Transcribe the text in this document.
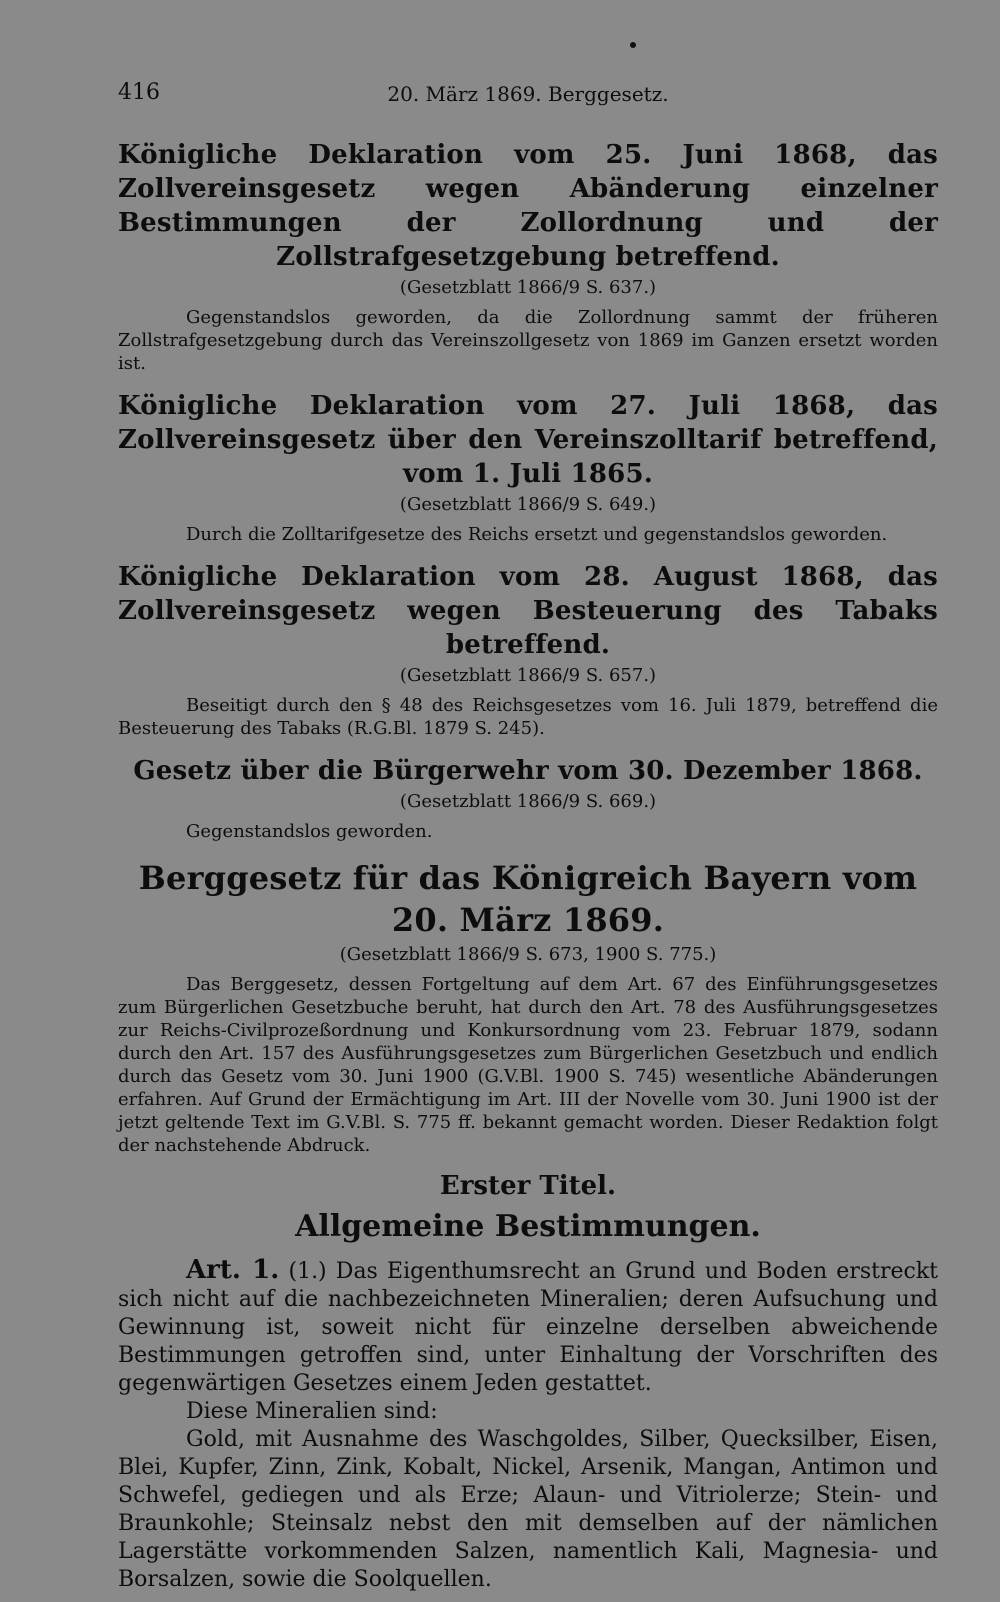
416	20. März 1869. Berggesetz.

Königliche Deklaration vom 25. Juni 1868, das Zollvereinsgesetz wegen Abänderung einzelner Bestimmungen der Zollordnung und der Zollstrafgesetzgebung betreffend.

(Gesetzblatt 1866/9 S. 637.)

Gegenstandslos geworden, da die Zollordnung sammt der früheren Zollstrafgesetzgebung durch das Vereinszollgesetz von 1869 im Ganzen ersetzt worden ist.

Königliche Deklaration vom 27. Juli 1868, das Zollvereinsgesetz über den Vereinszolltarif betreffend, vom 1. Juli 1865.

(Gesetzblatt 1866/9 S. 649.)

Durch die Zolltarifgesetze des Reichs ersetzt und gegenstandslos geworden.

Königliche Deklaration vom 28. August 1868, das Zollvereinsgesetz wegen Besteuerung des Tabaks betreffend.

(Gesetzblatt 1866/9 S. 657.)

Beseitigt durch den § 48 des Reichsgesetzes vom 16. Juli 1879, betreffend die Besteuerung des Tabaks (R.G.Bl. 1879 S. 245).

Gesetz über die Bürgerwehr vom 30. Dezember 1868.

(Gesetzblatt 1866/9 S. 669.)

Gegenstandslos geworden.

Berggesetz für das Königreich Bayern vom 20. März 1869.

(Gesetzblatt 1866/9 S. 673, 1900 S. 775.)

Das Berggesetz, dessen Fortgeltung auf dem Art. 67 des Einführungsgesetzes zum Bürgerlichen Gesetzbuche beruht, hat durch den Art. 78 des Ausführungsgesetzes zur Reichs-Civilprozeßordnung und Konkursordnung vom 23. Februar 1879, sodann durch den Art. 157 des Ausführungsgesetzes zum Bürgerlichen Gesetzbuch und endlich durch das Gesetz vom 30. Juni 1900 (G.V.Bl. 1900 S. 745) wesentliche Abänderungen erfahren. Auf Grund der Ermächtigung im Art. III der Novelle vom 30. Juni 1900 ist der jetzt geltende Text im G.V.Bl. S. 775 ff. bekannt gemacht worden. Dieser Redaktion folgt der nachstehende Abdruck.

Erster Titel.
Allgemeine Bestimmungen.

Art. 1. (1.) Das Eigenthumsrecht an Grund und Boden erstreckt sich nicht auf die nachbezeichneten Mineralien; deren Aufsuchung und Gewinnung ist, soweit nicht für einzelne derselben abweichende Bestimmungen getroffen sind, unter Einhaltung der Vorschriften des gegenwärtigen Gesetzes einem Jeden gestattet.

Diese Mineralien sind:

Gold, mit Ausnahme des Waschgoldes, Silber, Quecksilber, Eisen, Blei, Kupfer, Zinn, Zink, Kobalt, Nickel, Arsenik, Mangan, Antimon und Schwefel, gediegen und als Erze; Alaun- und Vitriolerze; Stein- und Braunkohle; Steinsalz nebst den mit demselben auf der nämlichen Lagerstätte vorkommenden Salzen, namentlich Kali, Magnesia- und Borsalzen, sowie die Soolquellen.
